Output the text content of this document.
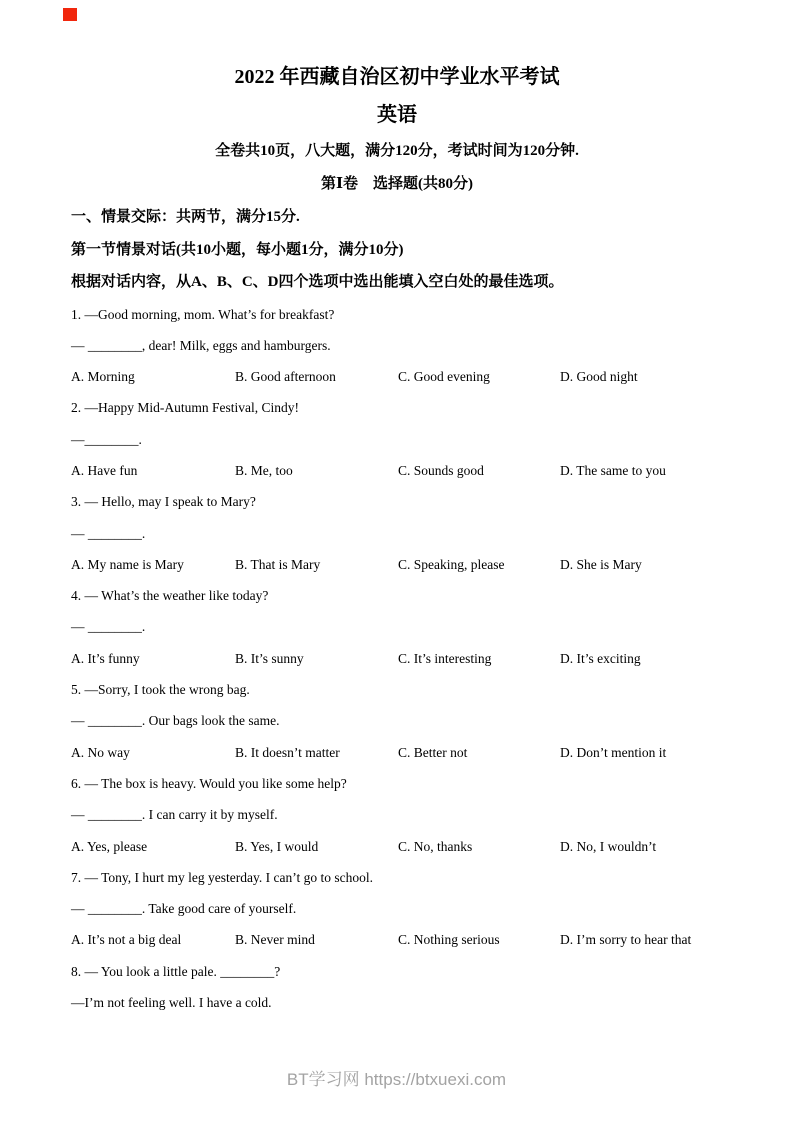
2022 年西藏自治区初中学业水平考试

英语

全卷共10页，八大题，满分120分，考试时间为120分钟.

第Ⅰ卷　选择题(共80分)

一、情景交际：共两节，满分15分.

第一节情景对话(共10小题，每小题1分，满分10分)

根据对话内容，从A、B、C、D四个选项中选出能填入空白处的最佳选项。

1. —Good morning, mom. What’s for breakfast?

— ________, dear! Milk, eggs and hamburgers.

A. Morning	B. Good afternoon	C. Good evening	D. Good night

2. —Happy Mid-Autumn Festival, Cindy!

—________.

A. Have fun	B. Me, too	C. Sounds good	D. The same to you

3. — Hello, may I speak to Mary?

— ________.

A. My name is Mary	B. That is Mary	C. Speaking, please	D. She is Mary

4. — What’s the weather like today?

— ________.

A. It’s funny	B. It’s sunny	C. It’s interesting	D. It’s exciting

5. —Sorry, I took the wrong bag.

— ________. Our bags look the same.

A. No way	B. It doesn’t matter	C. Better not	D. Don’t mention it

6. — The box is heavy. Would you like some help?

— ________. I can carry it by myself.

A. Yes, please	B. Yes, I would	C. No, thanks	D. No, I wouldn’t

7. — Tony, I hurt my leg yesterday. I can’t go to school.

— ________. Take good care of yourself.

A. It’s not a big deal	B. Never mind	C. Nothing serious	D. I’m sorry to hear that

8. — You look a little pale. ________?

—I’m not feeling well. I have a cold.

BT学习网 https://btxuexi.com
